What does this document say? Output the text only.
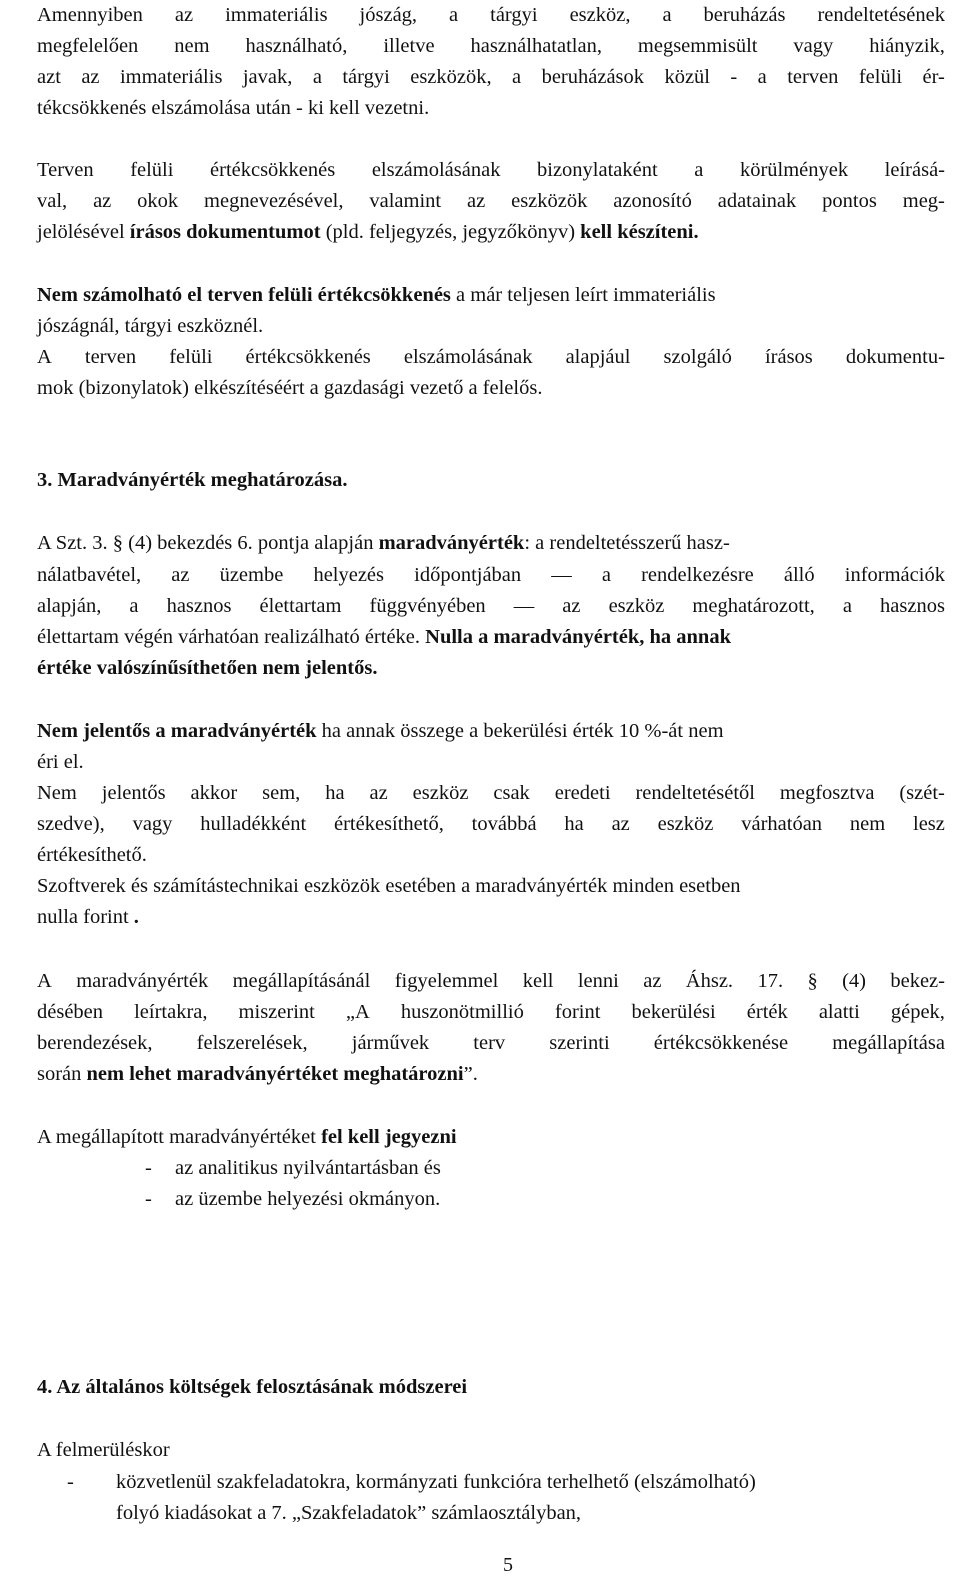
Amennyiben az immateriális jószág, a tárgyi eszköz, a beruházás rendeltetésének
megfelelően nem használható, illetve használhatatlan, megsemmisült vagy hiányzik,
azt az immateriális javak, a tárgyi eszközök, a beruházások közül - a terven felüli ér-
tékcsökkenés elszámolása után - ki kell vezetni.
Terven felüli értékcsökkenés elszámolásának bizonylataként a körülmények leírásá-
val, az okok megnevezésével, valamint az eszközök azonosító adatainak pontos meg-
jelölésével írásos dokumentumot (pld. feljegyzés, jegyzőkönyv) kell készíteni.
Nem számolható el terven felüli értékcsökkenés a már teljesen leírt immateriális
jószágnál, tárgyi eszköznél.
A terven felüli értékcsökkenés elszámolásának alapjául szolgáló írásos dokumentu-
mok (bizonylatok) elkészítéséért a gazdasági vezető a felelős.
3. Maradványérték meghatározása.
A Szt. 3. § (4) bekezdés 6. pontja alapján maradványérték: a rendeltetésszerű hasz-
nálatbavétel, az üzembe helyezés időpontjában — a rendelkezésre álló információk
alapján, a hasznos élettartam függvényében — az eszköz meghatározott, a hasznos
élettartam végén várhatóan realizálható értéke. Nulla a maradványérték, ha annak
értéke valószínűsíthetően nem jelentős.
Nem jelentős a maradványérték ha annak összege a bekerülési érték 10 %-át nem
éri el.
Nem jelentős akkor sem, ha az eszköz csak eredeti rendeltetésétől megfosztva (szét-
szedve), vagy hulladékként értékesíthető, továbbá ha az eszköz várhatóan nem lesz
értékesíthető.
Szoftverek és számítástechnikai eszközök esetében a maradványérték minden esetben
nulla forint .
A maradványérték megállapításánál figyelemmel kell lenni az Áhsz. 17. § (4) bekez-
désében leírtakra, miszerint „A huszonötmillió forint bekerülési érték alatti gépek,
berendezések, felszerelések, járművek terv szerinti értékcsökkenése megállapítása
során nem lehet maradványértéket meghatározni”.
A megállapított maradványértéket fel kell jegyezni
- az analitikus nyilvántartásban és
- az üzembe helyezési okmányon.
4. Az általános költségek felosztásának módszerei
A felmerüléskor
- közvetlenül szakfeladatokra, kormányzati funkcióra terhelhető (elszámolható)
folyó kiadásokat a 7. „Szakfeladatok” számlaosztályban,
5
